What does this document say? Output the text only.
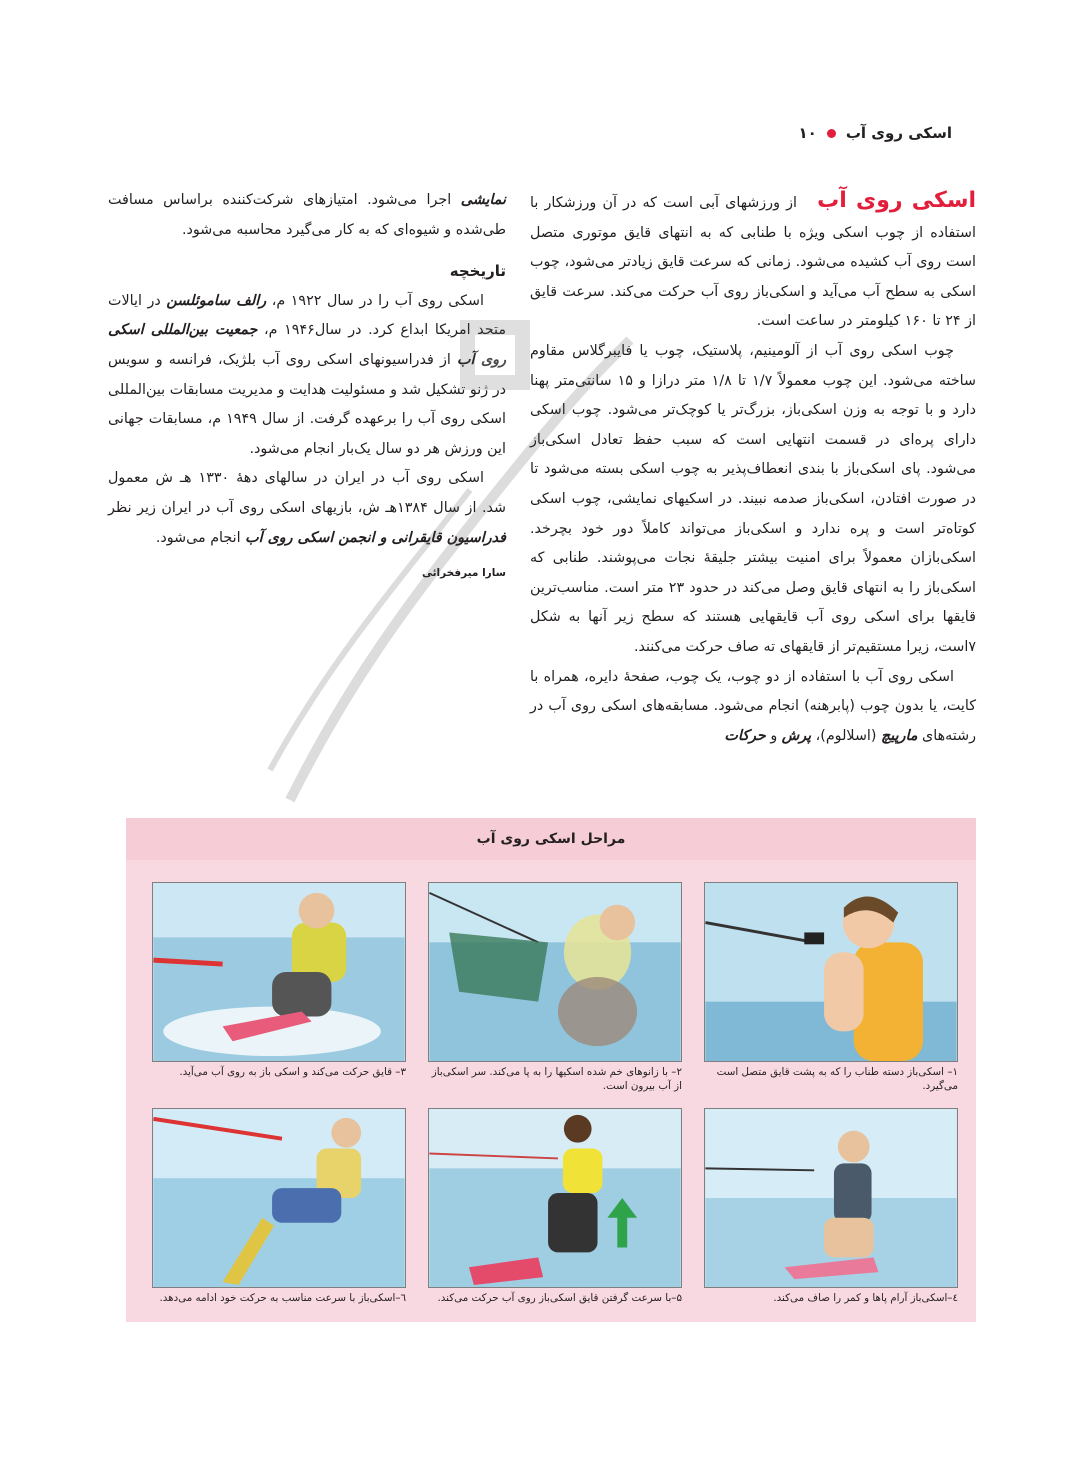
اسکی روی آب
۱۰

اسکی روی آب از ورزشهای آبی است که در آن ورزشکار با استفاده از چوب اسکی ویژه با طنابی که به انتهای قایق موتوری متصل است روی آب کشیده می‌شود. زمانی که سرعت قایق زیادتر می‌شود، چوب اسکی به سطح آب می‌آید و اسکی‌باز روی آب حرکت می‌کند. سرعت قایق از ۲۴ تا ۱۶۰ کیلومتر در ساعت است.

چوب اسکی روی آب از آلومینیم، پلاستیک، چوب یا فایبرگلاس مقاوم ساخته می‌شود. این چوب معمولاً ۱/۷ تا ۱/۸ متر درازا و ۱۵ سانتی‌متر پهنا دارد و با توجه به وزن اسکی‌باز، بزرگ‌تر یا کوچک‌تر می‌شود. چوب اسکی دارای پره‌ای در قسمت انتهایی است که سبب حفظ تعادل اسکی‌باز می‌شود. پای اسکی‌باز با بندی انعطاف‌پذیر به چوب اسکی بسته می‌شود تا در صورت افتادن، اسکی‌باز صدمه نبیند. در اسکیهای نمایشی، چوب اسکی کوتاه‌تر است و پره ندارد و اسکی‌باز می‌تواند کاملاً دور خود بچرخد. اسکی‌بازان معمولاً برای امنیت بیشتر جلیقهٔ نجات می‌پوشند. طنابی که اسکی‌باز را به انتهای قایق وصل می‌کند در حدود ۲۳ متر است. مناسب‌ترین قایقها برای اسکی روی آب قایقهایی هستند که سطح زیر آنها به شکل ۷است، زیرا مستقیم‌تر از قایقهای ته صاف حرکت می‌کنند.

اسکی روی آب با استفاده از دو چوب، یک چوب، صفحهٔ دایره، همراه با کایت، یا بدون چوب (پابرهنه) انجام می‌شود. مسابقه‌های اسکی روی آب در رشته‌های مارپیچ (اسلالوم)، پرش و حرکات

نمایشی اجرا می‌شود. امتیازهای شرکت‌کننده براساس مسافت طی‌شده و شیوه‌ای که به کار می‌گیرد محاسبه می‌شود.

تاریخچه

اسکی روی آب را در سال ۱۹۲۲ م، رالف ساموئلسن در ایالات متحد امریکا ابداع کرد. در سال۱۹۴۶ م، جمعیت بین‌المللی اسکی روی آب از فدراسیونهای اسکی روی آب بلژیک، فرانسه و سویس در ژنو تشکیل شد و مسئولیت هدایت و مدیریت مسابقات بین‌المللی اسکی روی آب را برعهده گرفت. از سال ۱۹۴۹ م، مسابقات جهانی این ورزش هر دو سال یک‌بار انجام می‌شود.

اسکی روی آب در ایران در سالهای دههٔ ۱۳۳۰ هـ ش معمول شد. از سال ۱۳۸۴هـ ش، بازیهای اسکی روی آب در ایران زیر نظر فدراسیون قایقرانی و انجمن اسکی روی آب انجام می‌شود.

سارا میرفخرائی
مراحل اسکی روی آب
۱– اسکی‌باز دسته طناب را که به پشت قایق متصل است می‌گیرد.
۲– با زانوهای خم شده اسکیها را به پا می‌کند. سر اسکی‌باز از آب بیرون است.
۳– قایق حرکت می‌کند و اسکی باز به روی آب می‌آید.
٤–اسکی‌باز آرام پاها و کمر را صاف می‌کند.
۵–با سرعت گرفتن قایق اسکی‌باز روی آب حرکت می‌کند.
٦–اسکی‌باز با سرعت مناسب به حرکت خود ادامه می‌دهد.
